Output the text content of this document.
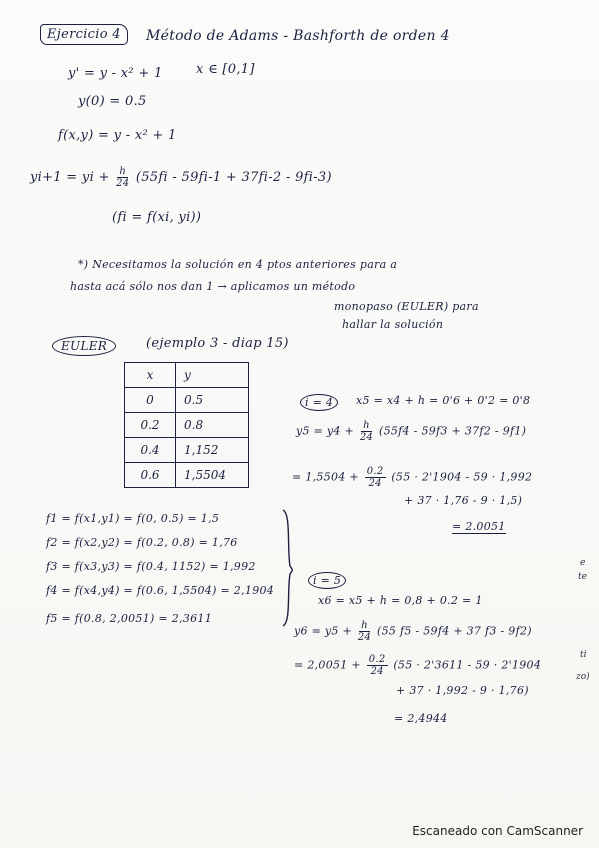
Ejercicio 4	Método de Adams - Bashforth de orden 4
y' = y - x² + 1	x ∈ [0,1]
y(0) = 0.5
f(x,y) = y - x² + 1
yi+1 = yi + $\frac{h}{24} (55fi - 59fi-1 + 37fi-2 - 9fi-3)$
(fi = f(xi, yi))
*) Necesitamos la solución en 4 ptos anteriores para a
hasta acá sólo nos dan 1 → aplicamos un método
monopaso (EULER) para
hallar la solución
EULER	(ejemplo 3 - diap 15)
x	y
0	0.5
0.2	0.8
0.4	1,152
0.6	1,5504
f1 = f(x1,y1) = f(0, 0.5) = 1,5
f2 = f(x2,y2) = f(0.2, 0.8) = 1,76
f3 = f(x3,y3) = f(0.4, 1152) = 1,992
f4 = f(x4,y4) = f(0.6, 1,5504) = 2,1904
f5 = f(0.8, 2,0051) = 2,3611
i = 4	x5 = x4 + h = 0'6 + 0'2 = 0'8
$y5 = y4 + \frac{h}{24} (55f4 - 59f3 + 37f2 - 9f1)$
= $1,5504 + \frac{0.2}{24} (55 \cdot 2'1904 - 59 \cdot 1,992$
+ 37 · 1,76 - 9 · 1,5)
= 2.0051
i = 5
x6 = x5 + h = 0,8 + 0.2 = 1
$y6 = y5 + \frac{h}{24} (55$ f5 - 59f4 + 37 f3 - 9f2)
= $2,0051 + \frac{0.2}{24} (55 \cdot 2'3611 - 59 \cdot 2'1904$
+ 37 · 1,992 - 9 · 1,76)
= 2,4944
e
te
ti
zo)
Escaneado con CamScanner
